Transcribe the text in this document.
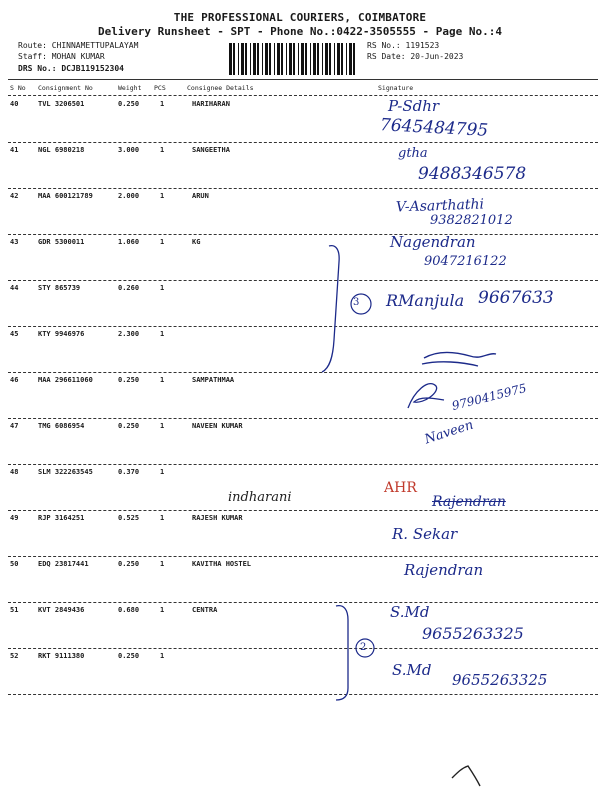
THE PROFESSIONAL COURIERS, COIMBATORE
Delivery Runsheet - SPT - Phone No.:0422-3505555 - Page No.:4
Route: CHINNAMETTUPALAYAM
Staff: MOHAN KUMAR
DRS No.: DCJB119152304
RS No.: 1191523
RS Date: 20-Jun-2023
S No Consignment No	Weight PCS	Consignee Details	Signature
40	TVL 3206501	0.250	1	HARIHARAN
41	NGL 6980218	3.000	1	SANGEETHA
42	MAA 600121789	2.000	1	ARUN
43	GDR 5300011	1.060	1	KG
44	STY 865739	0.260	1
45	KTY 9946976	2.300	1
46	MAA 296611060	0.250	1	SAMPATHMAA
47	TMG 6086954	0.250	1	NAVEEN KUMAR
48	SLM 322263545	0.370	1
49	RJP 3164251	0.525	1	RAJESH KUMAR
50	EDQ 23817441	0.250	1	KAVITHA HOSTEL
51	KVT 2849436	0.680	1	CENTRA
52	RKT 9111380	0.250	1
P-Sdhr
7645484795
gtha
9488346578
V-Asarthathi
9382821012
Nagendran
9047216122
RManjula 9667633
9790415975
Naveen
indharani
AHR
Rajendran
R. Sekar
Rajendran
S.Md
9655263325
S.Md
9655263325
3
2
